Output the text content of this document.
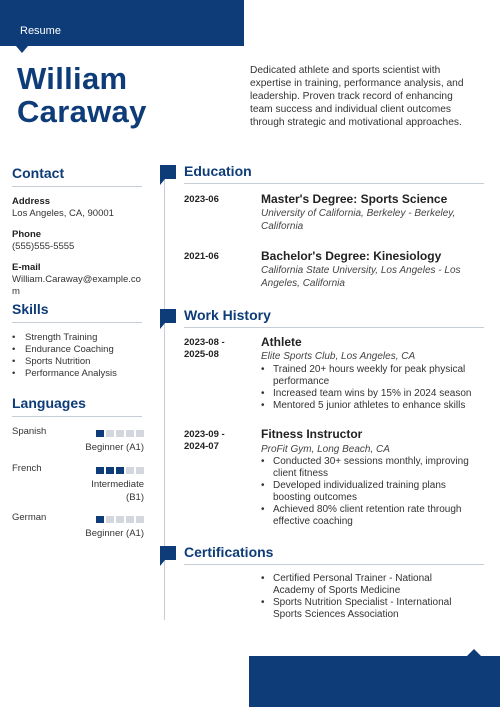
Resume
William
Caraway

Dedicated athlete and sports scientist with expertise in training, performance analysis, and leadership. Proven track record of enhancing team success and individual client outcomes through strategic and motivational approaches.

Contact
Address
Los Angeles, CA, 90001
Phone
(555)555-5555
E-mail
William.Caraway@example.com
Skills
• Strength Training
• Endurance Coaching
• Sports Nutrition
• Performance Analysis
Languages
Spanish
Beginner (A1)
French
Intermediate (B1)
German
Beginner (A1)
Education
2023-06	Master's Degree: Sports Science
University of California, Berkeley - Berkeley, California
2021-06	Bachelor's Degree: Kinesiology
California State University, Los Angeles - Los Angeles, California
Work History
2023-08 -
2025-08
Athlete
Elite Sports Club, Los Angeles, CA
• Trained 20+ hours weekly for peak physical performance
• Increased team wins by 15% in 2024 season
• Mentored 5 junior athletes to enhance skills
2023-09 -
2024-07
Fitness Instructor
ProFit Gym, Long Beach, CA
• Conducted 30+ sessions monthly, improving client fitness
• Developed individualized training plans boosting outcomes
• Achieved 80% client retention rate through effective coaching
Certifications
• Certified Personal Trainer - National Academy of Sports Medicine
• Sports Nutrition Specialist - International Sports Sciences Association
